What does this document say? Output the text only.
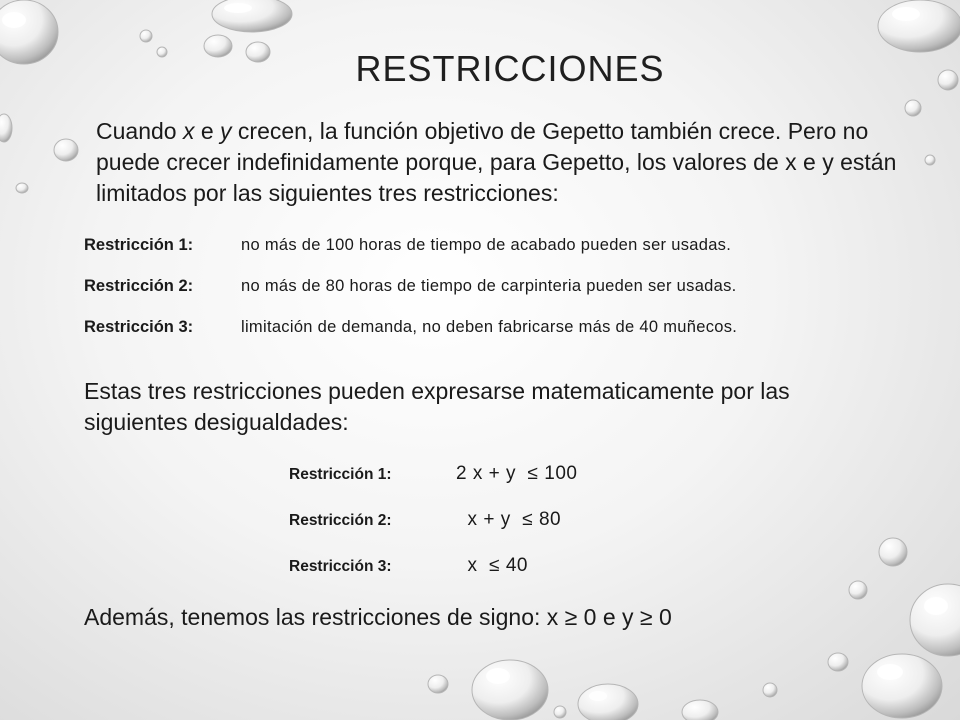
RESTRICCIONES
Cuando x e y crecen, la función objetivo de Gepetto también crece. Pero no puede crecer indefinidamente porque, para Gepetto, los valores de x e y están limitados por las siguientes tres restricciones:
Restricción 1:	no más de 100 horas de tiempo de acabado pueden ser usadas.
Restricción 2:	no más de 80 horas de tiempo de carpinteria pueden ser usadas.
Restricción 3:	limitación de demanda, no deben fabricarse más de 40 muñecos.
Estas tres restricciones pueden expresarse matematicamente por las siguientes desigualdades:
Restricción 1:	2 x + y  ≤ 100
Restricción 2:	x + y  ≤ 80
Restricción 3:	x  ≤ 40
Además, tenemos las restricciones de signo: x ≥ 0 e y ≥ 0
